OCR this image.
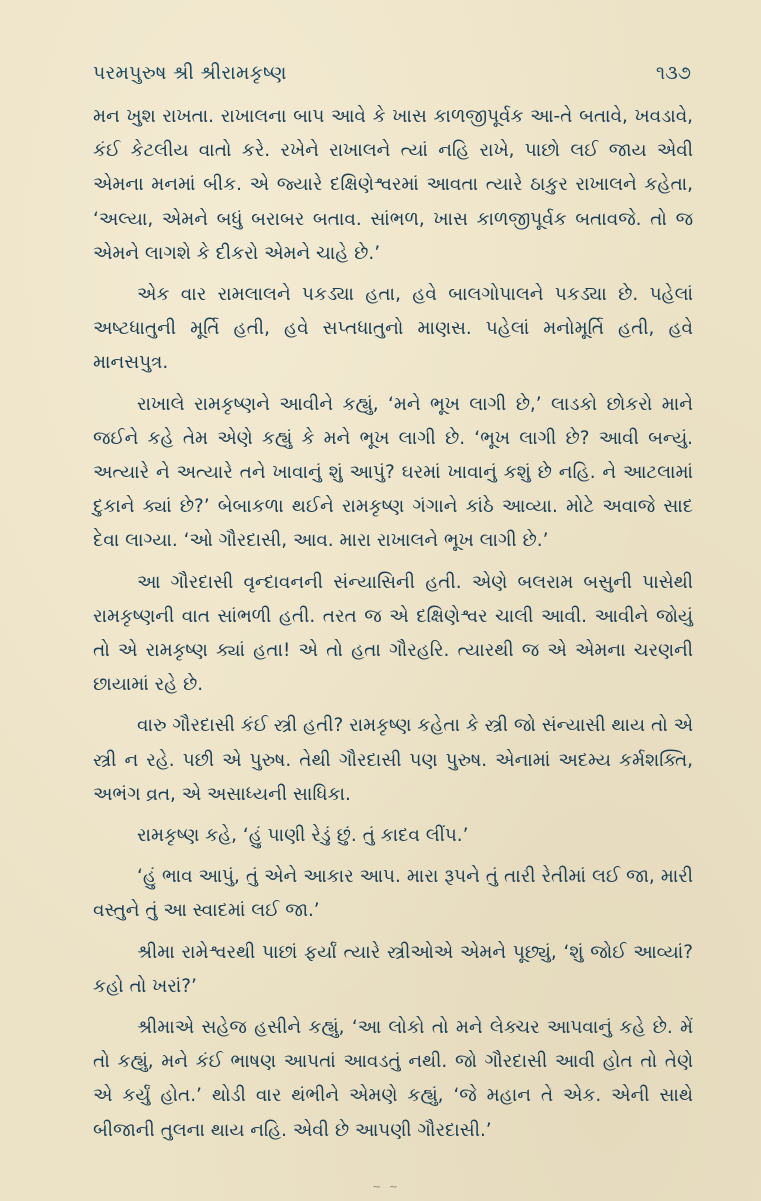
પરમપુરુષ શ્રી શ્રીરામકૃષ્ણ	૧૩૭

મન ખુશ રાખતા. રાખાલના બાપ આવે કે ખાસ કાળજીપૂર્વક આ-તે બતાવે, ખવડાવે, કંઈ કેટલીય વાતો કરે. રખેને રાખાલને ત્યાં નહિ રાખે, પાછો લઈ જાય એવી એમના મનમાં બીક. એ જ્યારે દક્ષિણેશ્વરમાં આવતા ત્યારે ઠાકુર રાખાલને કહેતા, ‘અલ્યા, એમને બધું બરાબર બતાવ. સાંભળ, ખાસ કાળજીપૂર્વક બતાવજે. તો જ એમને લાગશે કે દીકરો એમને ચાહે છે.’

એક વાર રામલાલને પકડ્યા હતા, હવે બાલગોપાલને પકડ્યા છે. પહેલાં અષ્ટધાતુની મૂર્તિ હતી, હવે સપ્તધાતુનો માણસ. પહેલાં મનોમૂર્તિ હતી, હવે માનસપુત્ર.

રાખાલે રામકૃષ્ણને આવીને કહ્યું, ‘મને ભૂખ લાગી છે,’ લાડકો છોકરો માને જઈને કહે તેમ એણે કહ્યું કે મને ભૂખ લાગી છે. ‘ભૂખ લાગી છે? આવી બન્યું. અત્યારે ને અત્યારે તને ખાવાનું શું આપું? ઘરમાં ખાવાનું કશું છે નહિ. ને આટલામાં દુકાને ક્યાં છે?’ બેબાકળા થઈને રામકૃષ્ણ ગંગાને કાંઠે આવ્યા. મોટે અવાજે સાદ દેવા લાગ્યા. ‘ઓ ગૌરદાસી, આવ. મારા રાખાલને ભૂખ લાગી છે.’

આ ગૌરદાસી વૃન્દાવનની સંન્યાસિની હતી. એણે બલરામ બસુની પાસેથી રામકૃષ્ણની વાત સાંભળી હતી. તરત જ એ દક્ષિણેશ્વર ચાલી આવી. આવીને જોયું તો એ રામકૃષ્ણ ક્યાં હતા! એ તો હતા ગૌરહરિ. ત્યારથી જ એ એમના ચરણની છાયામાં રહે છે.

વારુ ગૌરદાસી કંઈ સ્ત્રી હતી? રામકૃષ્ણ કહેતા કે સ્ત્રી જો સંન્યાસી થાય તો એ સ્ત્રી ન રહે. પછી એ પુરુષ. તેથી ગૌરદાસી પણ પુરુષ. એનામાં અદમ્ય કર્મશક્તિ, અભંગ વ્રત, એ અસાધ્યની સાધિકા.

રામકૃષ્ણ કહે, ‘હું પાણી રેડું છું. તું કાદવ લીંપ.’

‘હું ભાવ આપું, તું એને આકાર આપ. મારા રૂપને તું તારી રેતીમાં લઈ જા, મારી વસ્તુને તું આ સ્વાદમાં લઈ જા.’

શ્રીમા રામેશ્વરથી પાછાં ફર્યાં ત્યારે સ્ત્રીઓએ એમને પૂછ્યું, ‘શું જોઈ આવ્યાં? કહો તો ખરાં?’

શ્રીમાએ સહેજ હસીને કહ્યું, ‘આ લોકો તો મને લેક્ચર આપવાનું કહે છે. મેં તો કહ્યું, મને કંઈ ભાષણ આપતાં આવડતું નથી. જો ગૌરદાસી આવી હોત તો તેણે એ કર્યું હોત.’ થોડી વાર થંભીને એમણે કહ્યું, ‘જે મહાન તે એક. એની સાથે બીજાની તુલના થાય નહિ. એવી છે આપણી ગૌરદાસી.’

~ ~
